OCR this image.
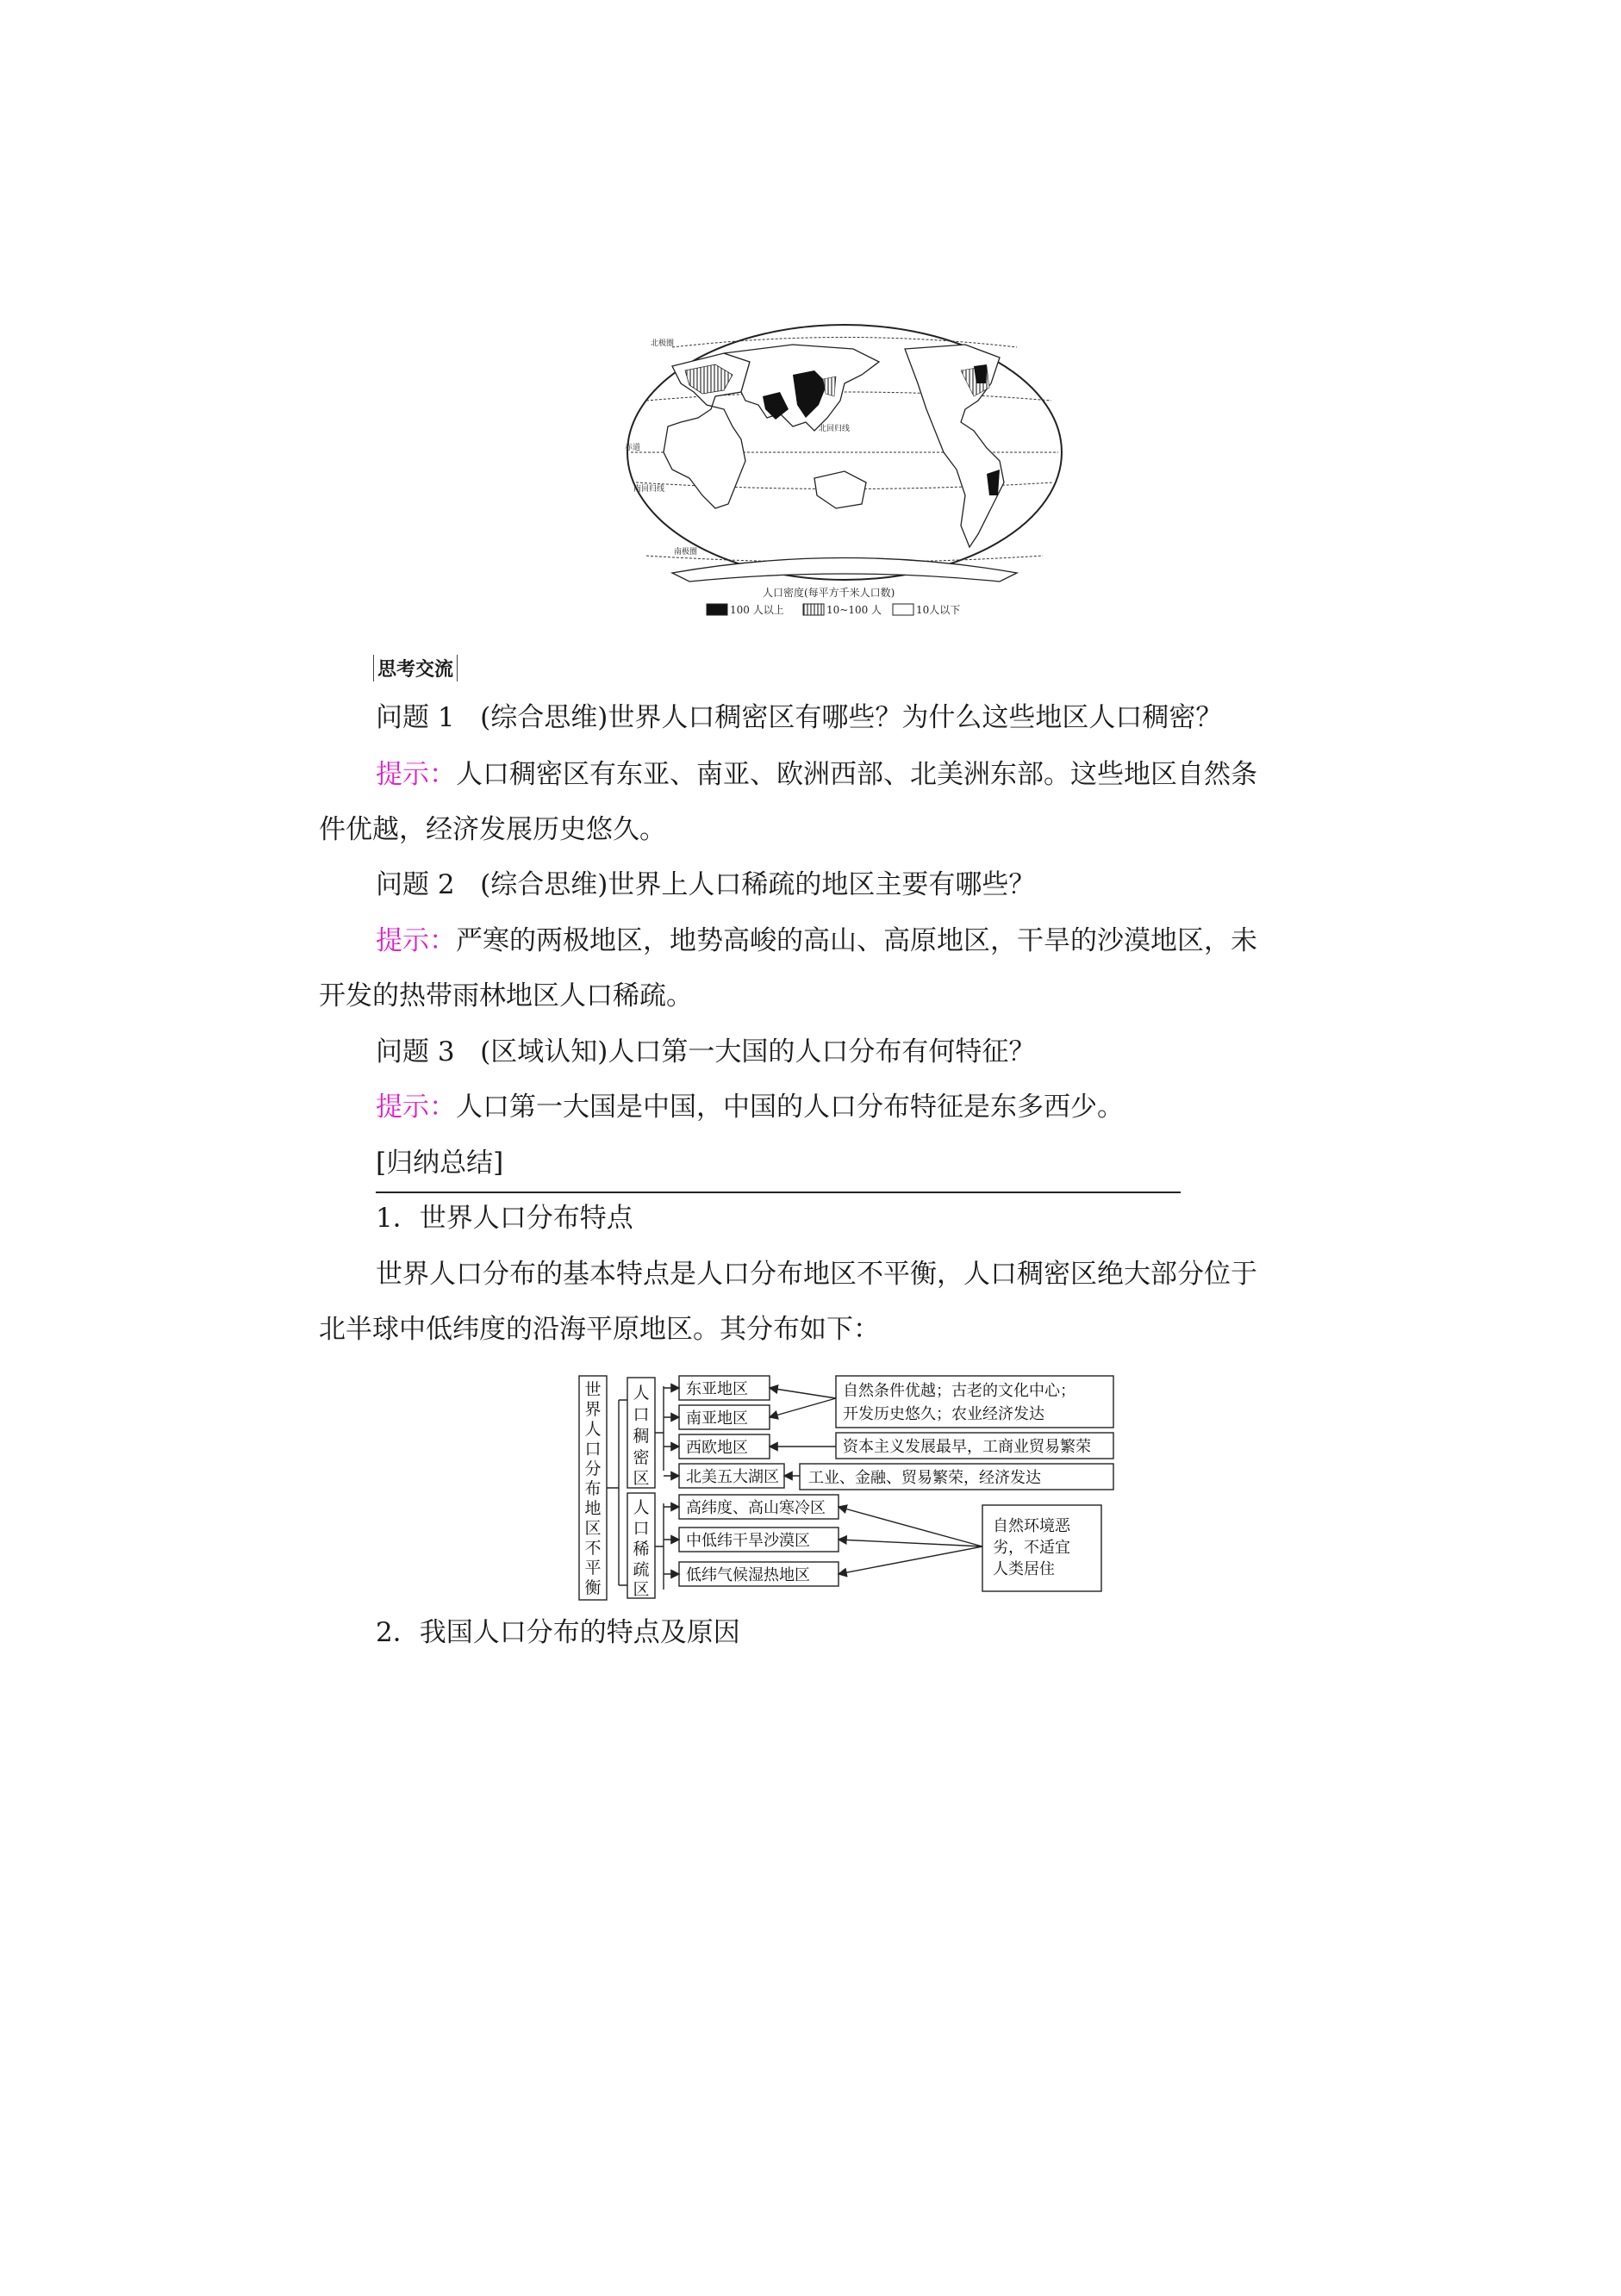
北极圈
北回归线
赤道
南回归线
南极圈
人口密度(每平方千米人口数)
100 人以上	10~100 人	10人以下
思考交流
问题 1 (综合思维)世界人口稠密区有哪些？为什么这些地区人口稠密？
提示：人口稠密区有东亚、南亚、欧洲西部、北美洲东部。这些地区自然条
件优越，经济发展历史悠久。
问题 2 (综合思维)世界上人口稀疏的地区主要有哪些？
提示：严寒的两极地区，地势高峻的高山、高原地区，干旱的沙漠地区，未
开发的热带雨林地区人口稀疏。
问题 3 (区域认知)人口第一大国的人口分布有何特征？
提示：人口第一大国是中国，中国的人口分布特征是东多西少。
[归纳总结]
1．世界人口分布特点
世界人口分布的基本特点是人口分布地区不平衡，人口稠密区绝大部分位于
北半球中低纬度的沿海平原地区。其分布如下：
世
界
人
口
分
布
地
区
不
平
衡
人
口
稠
密
区
人
口
稀
疏
区
东亚地区
南亚地区
西欧地区
北美五大湖区
高纬度、高山寒冷区
中低纬干旱沙漠区
低纬气候湿热地区
自然条件优越；古老的文化中心；
开发历史悠久；农业经济发达
资本主义发展最早，工商业贸易繁荣
工业、金融、贸易繁荣，经济发达
自然环境恶
劣，不适宜
人类居住
2．我国人口分布的特点及原因
